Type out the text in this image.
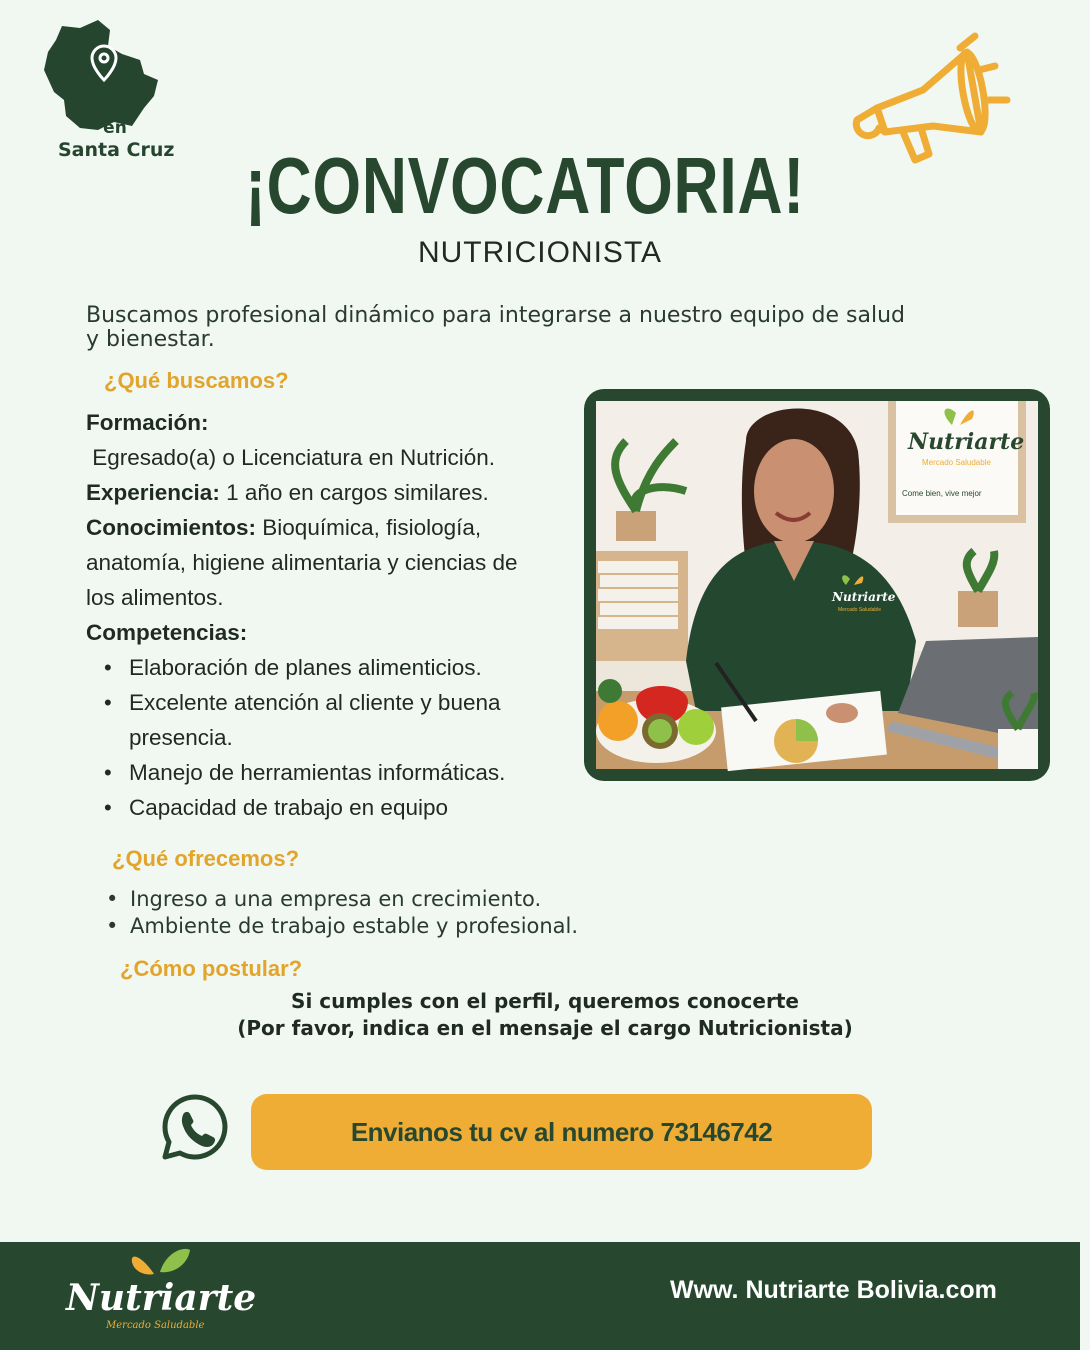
en
Santa Cruz ¡CONVOCATORIA!
NUTRICIONISTA
Buscamos profesional dinámico para integrarse a nuestro equipo de salud y bienestar.
¿Qué buscamos?
Formación:
Egresado(a) o Licenciatura en Nutrición.
Experiencia: 1 año en cargos similares.
Conocimientos: Bioquímica, fisiología,
anatomía, higiene alimentaria y ciencias de
los alimentos.
Competencias:
• Elaboración de planes alimenticios.
• Excelente atención al cliente y buena presencia.
• Manejo de herramientas informáticas.
• Capacidad de trabajo en equipo
Nutriarte
Mercado Saludable
Come bien, vive mejor
Nutriarte
Mercado Saludable
¿Qué ofrecemos?
• Ingreso a una empresa en crecimiento.
• Ambiente de trabajo estable y profesional.
¿Cómo postular?
Si cumples con el perfil, queremos conocerte
(Por favor, indica en el mensaje el cargo Nutricionista)
Envianos tu cv al numero 73146742
Nutriarte
Mercado Saludable
Www. Nutriarte Bolivia.com
